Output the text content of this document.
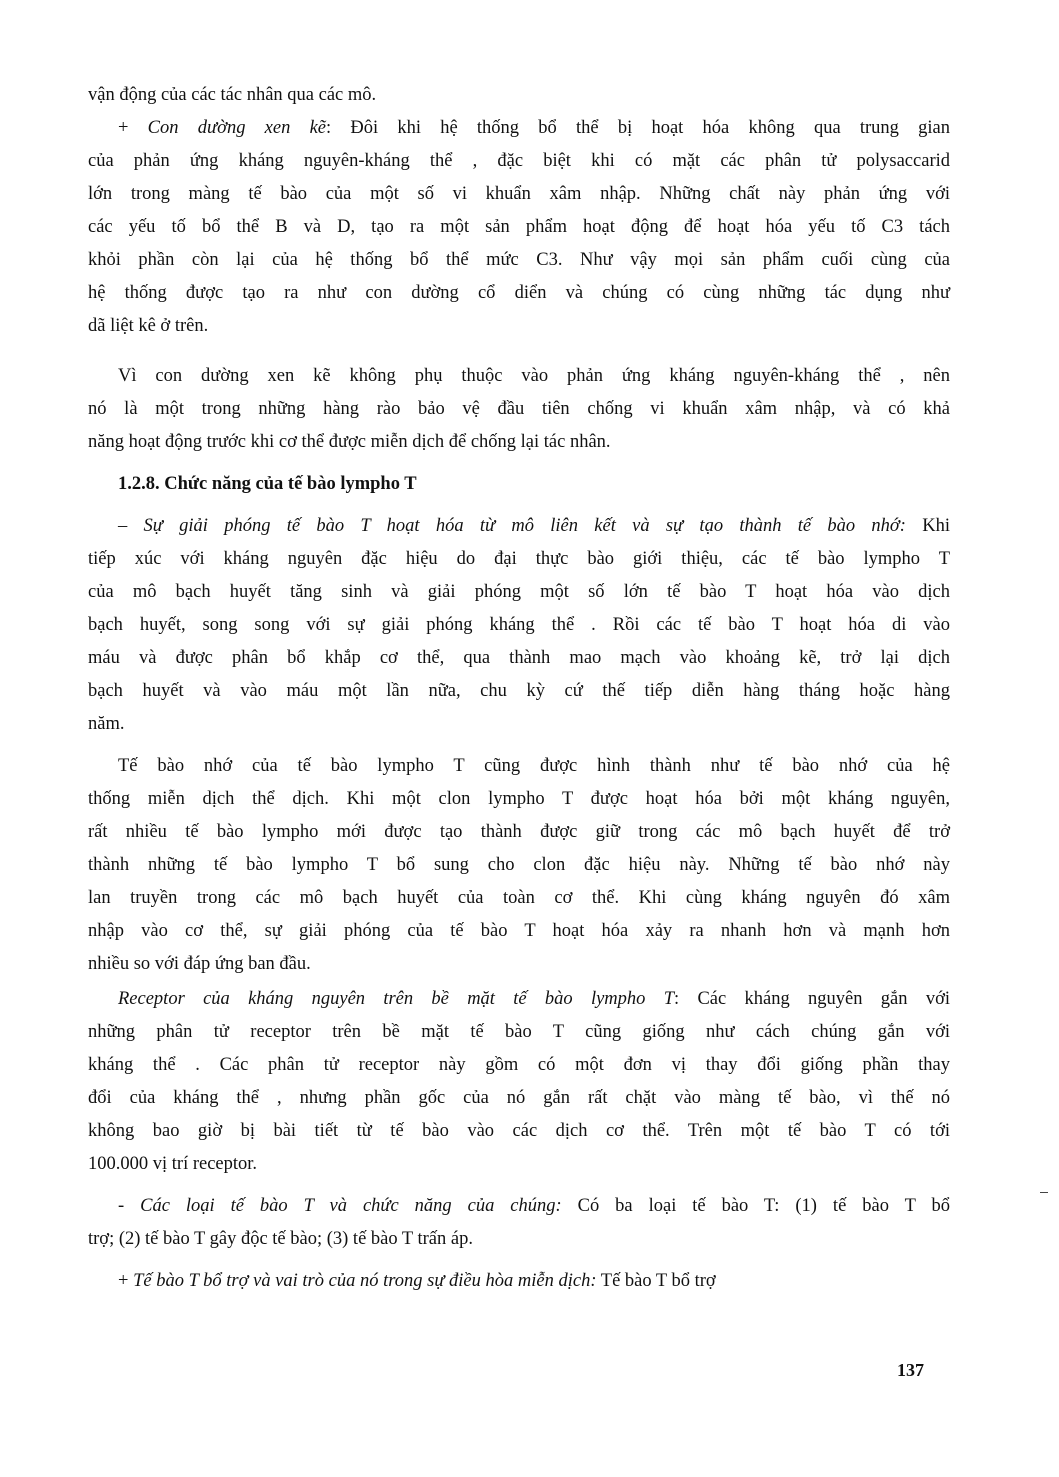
vận động của các tác nhân qua các mô.
+ Con dường xen kẽ: Đôi khi hệ thống bổ thể bị hoạt hóa không qua trung gian
của phản ứng kháng nguyên-kháng thể , đặc biệt khi có mặt các phân tử polysaccarid
lớn trong màng tế bào của một số vi khuẩn xâm nhập. Những chất này phản ứng với
các yếu tố bổ thể B và D, tạo ra một sản phẩm hoạt động để hoạt hóa yếu tố C3 tách
khỏi phần còn lại của hệ thống bổ thể mức C3. Như vậy mọi sản phẩm cuối cùng của
hệ thống được tạo ra như con dường cổ diển và chúng có cùng những tác dụng như
dã liệt kê ở trên.
Vì con dường xen kẽ không phụ thuộc vào phản ứng kháng nguyên-kháng thể , nên
nó là một trong những hàng rào bảo vệ đầu tiên chống vi khuẩn xâm nhập, và có khả
năng hoạt động trước khi cơ thể được miễn dịch để chống lại tác nhân.
1.2.8. Chức năng của tế bào lympho T
– Sự giải phóng tế bào T hoạt hóa từ mô liên kết và sự tạo thành tế bào nhớ: Khi
tiếp xúc với kháng nguyên đặc hiệu do đại thực bào giới thiệu, các tế bào lympho T
của mô bạch huyết tăng sinh và giải phóng một số lớn tế bào T hoạt hóa vào dịch
bạch huyết, song song với sự giải phóng kháng thể . Rồi các tế bào T hoạt hóa di vào
máu và được phân bổ khắp cơ thể, qua thành mao mạch vào khoảng kẽ, trở lại dịch
bạch huyết và vào máu một lần nữa, chu kỳ cứ thế tiếp diễn hàng tháng hoặc hàng
năm.
Tế bào nhớ của tế bào lympho T cũng được hình thành như tế bào nhớ của hệ
thống miễn dịch thể dịch. Khi một clon lympho T được hoạt hóa bởi một kháng nguyên,
rất nhiều tế bào lympho mới được tạo thành được giữ trong các mô bạch huyết để trở
thành những tế bào lympho T bổ sung cho clon đặc hiệu này. Những tế bào nhớ này
lan truyền trong các mô bạch huyết của toàn cơ thể. Khi cùng kháng nguyên đó xâm
nhập vào cơ thể, sự giải phóng của tế bào T hoạt hóa xảy ra nhanh hơn và mạnh hơn
nhiều so với đáp ứng ban đầu.
Receptor của kháng nguyên trên bề mặt tế bào lympho T: Các kháng nguyên gắn với
những phân tử receptor trên bề mặt tế bào T cũng giống như cách chúng gắn với
kháng thể . Các phân tử receptor này gồm có một đơn vị thay đổi giống phần thay
đổi của kháng thể , nhưng phần gốc của nó gắn rất chặt vào màng tế bào, vì thế nó
không bao giờ bị bài tiết từ tế bào vào các dịch cơ thể. Trên một tế bào T có tới
100.000 vị trí receptor.
- Các loại tế bào T và chức năng của chúng: Có ba loại tế bào T: (1) tế bào T bổ
trợ; (2) tế bào T gây độc tế bào; (3) tế bào T trấn áp.
+ Tế bào T bổ trợ và vai trò của nó trong sự điều hòa miễn dịch: Tế bào T bổ trợ
137
